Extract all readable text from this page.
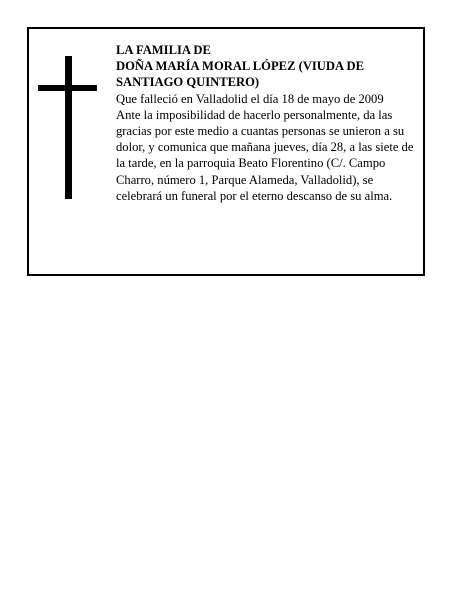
LA FAMILIA DE

DOÑA MARÍA MORAL LÓPEZ (VIUDA DE SANTIAGO QUINTERO)

Que falleció en Valladolid el día 18 de mayo de 2009

Ante la imposibilidad de hacerlo personalmente, da las gracias por este medio a cuantas personas se unieron a su dolor, y comunica que mañana jueves, día 28, a las siete de la tarde, en la parroquia Beato Florentino (C/. Campo Charro, número 1, Parque Alameda, Valladolid), se celebrará un funeral por el eterno descanso de su alma.
